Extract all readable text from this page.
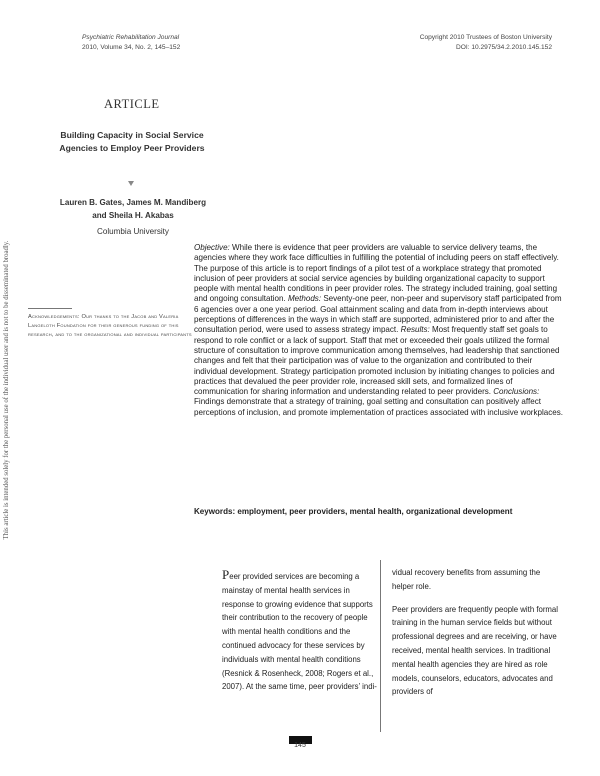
Psychiatric Rehabilitation Journal
2010, Volume 34, No. 2, 145–152
Copyright 2010 Trustees of Boston University
DOI: 10.2975/34.2.2010.145.152
ARTICLE
Building Capacity in Social Service Agencies to Employ Peer Providers
Lauren B. Gates, James M. Mandiberg and Sheila H. Akabas
Columbia University
This article is intended solely for the personal use of the individual user and is not to be disseminated broadly.	Acknowledgements: Our thanks to the Jacob and Valeria Langeloth Foundation for their generous funding of this research, and to the organizational and individual participants
Objective: While there is evidence that peer providers are valuable to service delivery teams, the agencies where they work face difficulties in fulfilling the potential of including peers on staff effectively. The purpose of this article is to report findings of a pilot test of a workplace strategy that promoted inclusion of peer providers at social service agencies by building organizational capacity to support people with mental health conditions in peer provider roles. The strategy included training, goal setting and ongoing consultation. Methods: Seventy-one peer, non-peer and supervisory staff participated from 6 agencies over a one year period. Goal attainment scaling and data from in-depth interviews about perceptions of differences in the ways in which staff are supported, administered prior to and after the consultation period, were used to assess strategy impact. Results: Most frequently staff set goals to respond to role conflict or a lack of support. Staff that met or exceeded their goals utilized the formal structure of consultation to improve communication among themselves, had leadership that sanctioned changes and felt that their participation was of value to the organization and contributed to their individual development. Strategy participation promoted inclusion by initiating changes to policies and practices that devalued the peer provider role, increased skill sets, and formalized lines of communication for sharing information and understanding related to peer providers. Conclusions: Findings demonstrate that a strategy of training, goal setting and consultation can positively affect perceptions of inclusion, and promote implementation of practices associated with inclusive workplaces.
Keywords: employment, peer providers, mental health, organizational development
Peer provided services are becoming a mainstay of mental health services in response to growing evidence that supports their contribution to the recovery of people with mental health conditions and the continued advocacy for these services by individuals with mental health conditions (Resnick & Rosenheck, 2008; Rogers et al., 2007). At the same time, peer providers’ indi-
vidual recovery benefits from assuming the helper role.
Peer providers are frequently people with formal training in the human service fields but without professional degrees and are receiving, or have received, mental health services. In traditional mental health agencies they are hired as role models, counselors, educators, advocates and providers of
145
